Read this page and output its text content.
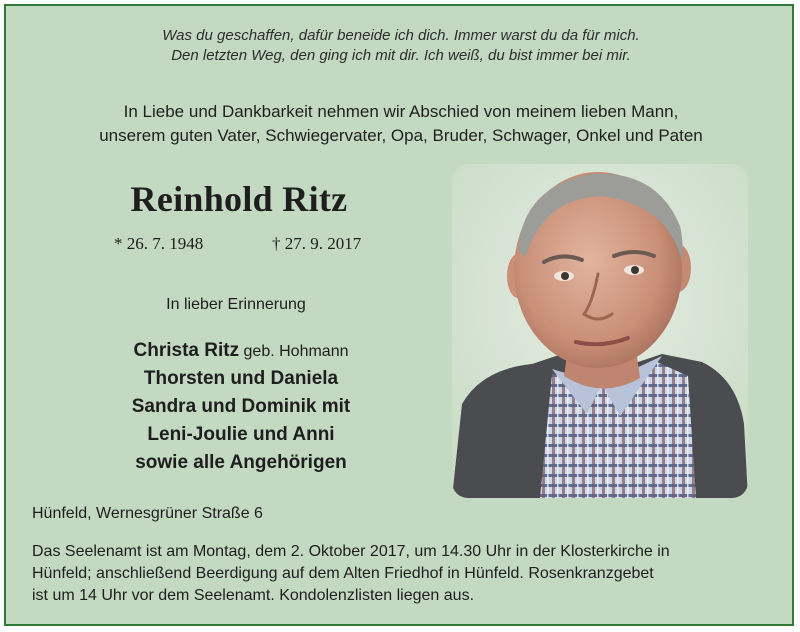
Was du geschaffen, dafür beneide ich dich. Immer warst du da für mich.
Den letzten Weg, den ging ich mit dir. Ich weiß, du bist immer bei mir.
In Liebe und Dankbarkeit nehmen wir Abschied von meinem lieben Mann,
unserem guten Vater, Schwiegervater, Opa, Bruder, Schwager, Onkel und Paten
Reinhold Ritz
* 26. 7. 1948	† 27. 9. 2017
In lieber Erinnerung
Christa Ritz geb. Hohmann
Thorsten und Daniela
Sandra und Dominik mit
Leni-Joulie und Anni
sowie alle Angehörigen
Hünfeld, Wernesgrüner Straße 6
Das Seelenamt ist am Montag, dem 2. Oktober 2017, um 14.30 Uhr in der Klosterkirche in
Hünfeld; anschließend Beerdigung auf dem Alten Friedhof in Hünfeld. Rosenkranzgebet
ist um 14 Uhr vor dem Seelenamt. Kondolenzlisten liegen aus.
